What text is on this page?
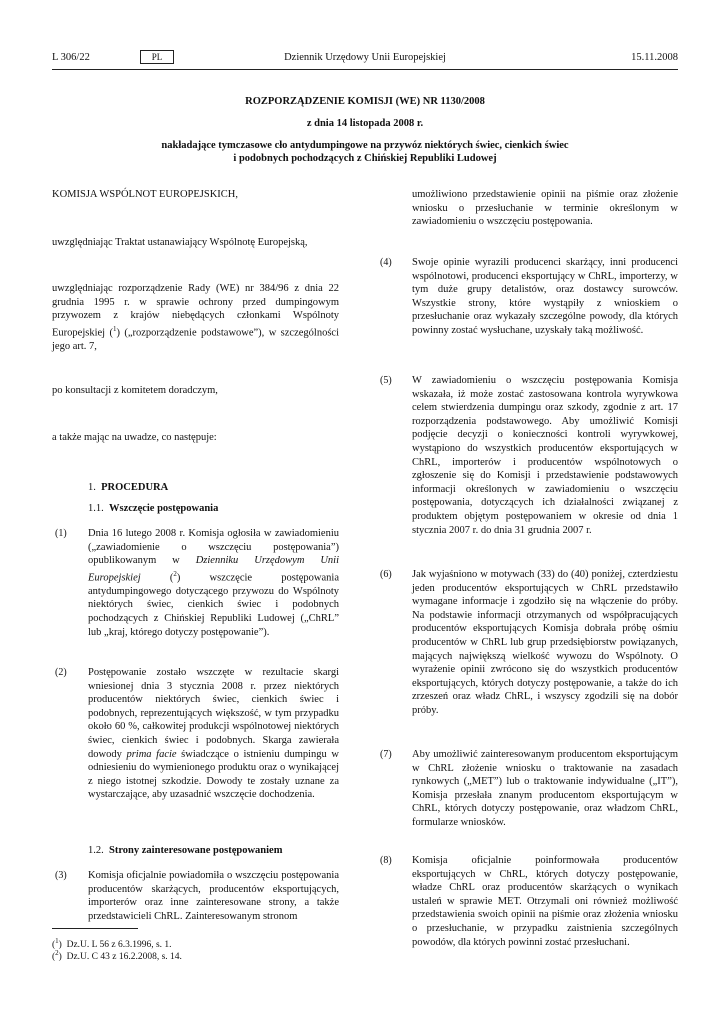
L 306/22	PL	Dziennik Urzędowy Unii Europejskiej	15.11.2008
ROZPORZĄDZENIE KOMISJI (WE) NR 1130/2008
z dnia 14 listopada 2008 r.
nakładające tymczasowe cło antydumpingowe na przywóz niektórych świec, cienkich świec
i podobnych pochodzących z Chińskiej Republiki Ludowej
KOMISJA WSPÓLNOT EUROPEJSKICH,
uwzględniając Traktat ustanawiający Wspólnotę Europejską,
uwzględniając rozporządzenie Rady (WE) nr 384/96 z dnia 22 grudnia 1995 r. w sprawie ochrony przed dumpingowym przywozem z krajów niebędących członkami Wspólnoty Europejskiej ($^1$) („rozporządzenie podstawowe”), w szczególności jego art. 7,
po konsultacji z komitetem doradczym,
a także mając na uwadze, co następuje:
1. PROCEDURA
1.1. Wszczęcie postępowania
(1) Dnia 16 lutego 2008 r. Komisja ogłosiła w zawiadomieniu („zawiadomienie o wszczęciu postępowania”) opublikowanym w Dzienniku Urzędowym Unii Europejskiej ($^2$) wszczęcie postępowania antydumpingowego dotyczącego przywozu do Wspólnoty niektórych świec, cienkich świec i podobnych pochodzących z Chińskiej Republiki Ludowej („ChRL” lub „kraj, którego dotyczy postępowanie”).
(2) Postępowanie zostało wszczęte w rezultacie skargi wniesionej dnia 3 stycznia 2008 r. przez niektórych producentów niektórych świec, cienkich świec i podobnych, reprezentujących większość, w tym przypadku około 60 %, całkowitej produkcji wspólnotowej niektórych świec, cienkich świec i podobnych. Skarga zawierała dowody prima facie świadczące o istnieniu dumpingu w odniesieniu do wymienionego produktu oraz o wynikającej z niego istotnej szkodzie. Dowody te zostały uznane za wystarczające, aby uzasadnić wszczęcie dochodzenia.
1.2. Strony zainteresowane postępowaniem
(3) Komisja oficjalnie powiadomiła o wszczęciu postępowania producentów skarżących, producentów eksportujących, importerów oraz inne zainteresowane strony, a także przedstawicieli ChRL. Zainteresowanym stronom
($^1$)  Dz.U. L 56 z 6.3.1996, s. 1.
($^2$)  Dz.U. C 43 z 16.2.2008, s. 14.
umożliwiono przedstawienie opinii na piśmie oraz złożenie wniosku o przesłuchanie w terminie określonym w zawiadomieniu o wszczęciu postępowania.
(4) Swoje opinie wyrazili producenci skarżący, inni producenci wspólnotowi, producenci eksportujący w ChRL, importerzy, w tym duże grupy detalistów, oraz dostawcy surowców. Wszystkie strony, które wystąpiły z wnioskiem o przesłuchanie oraz wykazały szczególne powody, dla których powinny zostać wysłuchane, uzyskały taką możliwość.
(5) W zawiadomieniu o wszczęciu postępowania Komisja wskazała, iż może zostać zastosowana kontrola wyrywkowa celem stwierdzenia dumpingu oraz szkody, zgodnie z art. 17 rozporządzenia podstawowego. Aby umożliwić Komisji podjęcie decyzji o konieczności kontroli wyrywkowej, wystąpiono do wszystkich producentów eksportujących w ChRL, importerów i producentów wspólnotowych o zgłoszenie się do Komisji i przedstawienie podstawowych informacji określonych w zawiadomieniu o wszczęciu postępowania, dotyczących ich działalności związanej z produktem objętym postępowaniem w okresie od dnia 1 stycznia 2007 r. do dnia 31 grudnia 2007 r.
(6) Jak wyjaśniono w motywach (33) do (40) poniżej, czterdziestu jeden producentów eksportujących w ChRL przedstawiło wymagane informacje i zgodziło się na włączenie do próby. Na podstawie informacji otrzymanych od współpracujących producentów eksportujących Komisja dobrała próbę ośmiu producentów w ChRL lub grup przedsiębiorstw powiązanych, mających największą wielkość wywozu do Wspólnoty. O wyrażenie opinii zwrócono się do wszystkich producentów eksportujących, których dotyczy postępowanie, a także do ich zrzeszeń oraz władz ChRL, i wszyscy zgodzili się na dobór próby.
(7) Aby umożliwić zainteresowanym producentom eksportującym w ChRL złożenie wniosku o traktowanie na zasadach rynkowych („MET”) lub o traktowanie indywidualne („IT”), Komisja przesłała znanym producentom eksportującym w ChRL, których dotyczy postępowanie, oraz władzom ChRL, formularze wniosków.
(8) Komisja oficjalnie poinformowała producentów eksportujących w ChRL, których dotyczy postępowanie, władze ChRL oraz producentów skarżących o wynikach ustaleń w sprawie MET. Otrzymali oni również możliwość przedstawienia swoich opinii na piśmie oraz złożenia wniosku o przesłuchanie, w przypadku zaistnienia szczególnych powodów, dla których powinni zostać przesłuchani.
